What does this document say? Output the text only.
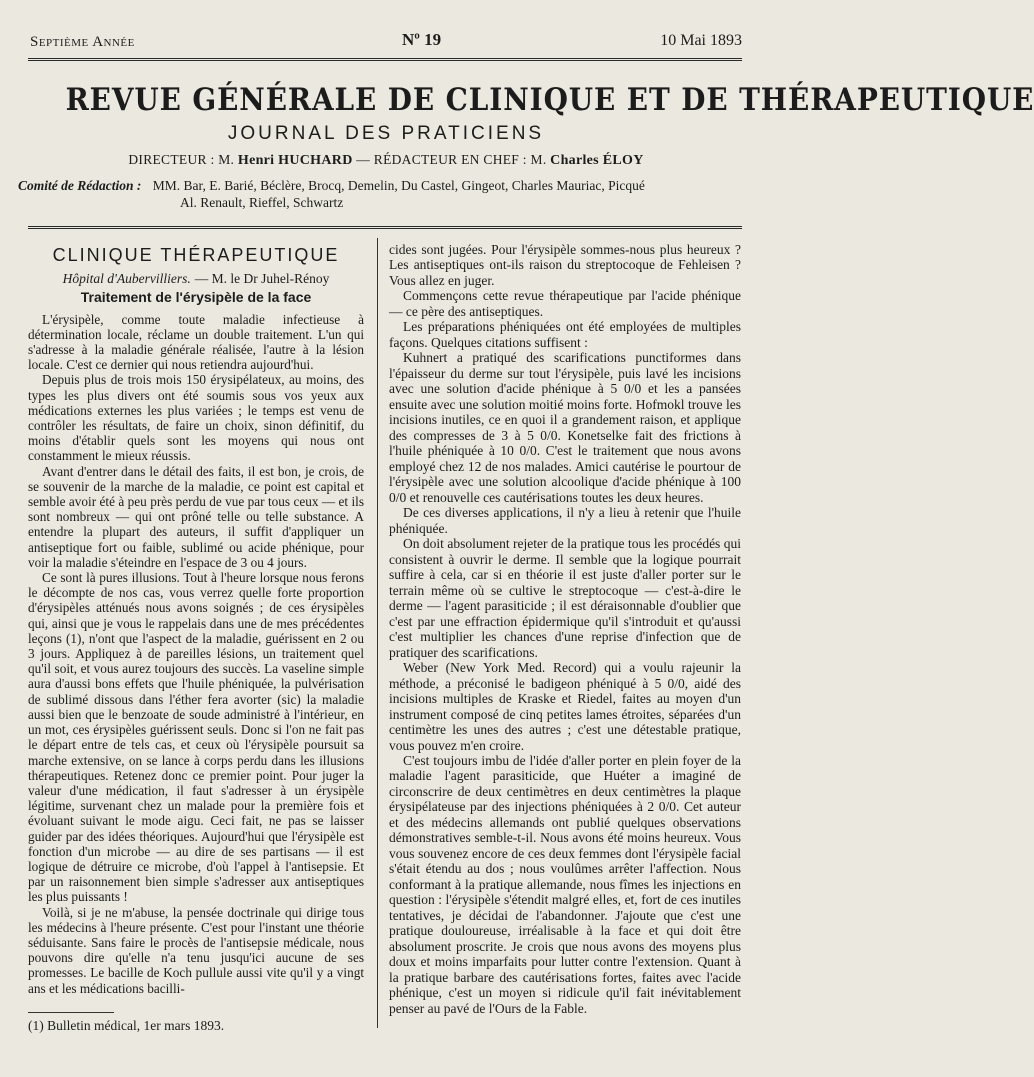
Septième Année	Nº 19	10 Mai 1893
REVUE GÉNÉRALE DE CLINIQUE ET DE THÉRAPEUTIQUE
JOURNAL DES PRATICIENS
DIRECTEUR : M. Henri HUCHARD — RÉDACTEUR EN CHEF : M. Charles ÉLOY
Comité de Rédaction : MM. Bar, E. Barié, Béclère, Brocq, Demelin, Du Castel, Gingeot, Charles Mauriac, Picqué
Al. Renault, Rieffel, Schwartz
CLINIQUE THÉRAPEUTIQUE
Hôpital d'Aubervilliers. — M. le Dr Juhel-Rénoy
Traitement de l'érysipèle de la face

L'érysipèle, comme toute maladie infectieuse à détermination locale, réclame un double traitement. L'un qui s'adresse à la maladie générale réalisée, l'autre à la lésion locale. C'est ce dernier qui nous retiendra aujourd'hui.

Depuis plus de trois mois 150 érysipélateux, au moins, des types les plus divers ont été soumis sous vos yeux aux médications externes les plus variées ; le temps est venu de contrôler les résultats, de faire un choix, sinon définitif, du moins d'établir quels sont les moyens qui nous ont constamment le mieux réussis.

Avant d'entrer dans le détail des faits, il est bon, je crois, de se souvenir de la marche de la maladie, ce point est capital et semble avoir été à peu près perdu de vue par tous ceux — et ils sont nombreux — qui ont prôné telle ou telle substance. A entendre la plupart des auteurs, il suffit d'appliquer un antiseptique fort ou faible, sublimé ou acide phénique, pour voir la maladie s'éteindre en l'espace de 3 ou 4 jours.

Ce sont là pures illusions. Tout à l'heure lorsque nous ferons le décompte de nos cas, vous verrez quelle forte proportion d'érysipèles atténués nous avons soignés ; de ces érysipèles qui, ainsi que je vous le rappelais dans une de mes précédentes leçons (1), n'ont que l'aspect de la maladie, guérissent en 2 ou 3 jours. Appliquez à de pareilles lésions, un traitement quel qu'il soit, et vous aurez toujours des succès. La vaseline simple aura d'aussi bons effets que l'huile phéniquée, la pulvérisation de sublimé dissous dans l'éther fera avorter (sic) la maladie aussi bien que le benzoate de soude administré à l'intérieur, en un mot, ces érysipèles guérissent seuls. Donc si l'on ne fait pas le départ entre de tels cas, et ceux où l'érysipèle poursuit sa marche extensive, on se lance à corps perdu dans les illusions thérapeutiques. Retenez donc ce premier point. Pour juger la valeur d'une médication, il faut s'adresser à un érysipèle légitime, survenant chez un malade pour la première fois et évoluant suivant le mode aigu. Ceci fait, ne pas se laisser guider par des idées théoriques. Aujourd'hui que l'érysipèle est fonction d'un microbe — au dire de ses partisans — il est logique de détruire ce microbe, d'où l'appel à l'antisepsie. Et par un raisonnement bien simple s'adresser aux antiseptiques les plus puissants !

Voilà, si je ne m'abuse, la pensée doctrinale qui dirige tous les médecins à l'heure présente. C'est pour l'instant une théorie séduisante. Sans faire le procès de l'antisepsie médicale, nous pouvons dire qu'elle n'a tenu jusqu'ici aucune de ses promesses. Le bacille de Koch pullule aussi vite qu'il y a vingt ans et les médications bacilli-

cides sont jugées. Pour l'érysipèle sommes-nous plus heureux ? Les antiseptiques ont-ils raison du streptocoque de Fehleisen ? Vous allez en juger.

Commençons cette revue thérapeutique par l'acide phénique — ce père des antiseptiques.

Les préparations phéniquées ont été employées de multiples façons. Quelques citations suffisent :

Kuhnert a pratiqué des scarifications punctiformes dans l'épaisseur du derme sur tout l'érysipèle, puis lavé les incisions avec une solution d'acide phénique à 5 0/0 et les a pansées ensuite avec une solution moitié moins forte. Hofmokl trouve les incisions inutiles, ce en quoi il a grandement raison, et applique des compresses de 3 à 5 0/0. Konetselke fait des frictions à l'huile phéniquée à 10 0/0. C'est le traitement que nous avons employé chez 12 de nos malades. Amici cautérise le pourtour de l'érysipèle avec une solution alcoolique d'acide phénique à 100 0/0 et renouvelle ces cautérisations toutes les deux heures.

De ces diverses applications, il n'y a lieu à retenir que l'huile phéniquée.

On doit absolument rejeter de la pratique tous les procédés qui consistent à ouvrir le derme. Il semble que la logique pourrait suffire à cela, car si en théorie il est juste d'aller porter sur le terrain même où se cultive le streptocoque — c'est-à-dire le derme — l'agent parasiticide ; il est déraisonnable d'oublier que c'est par une effraction épidermique qu'il s'introduit et qu'aussi c'est multiplier les chances d'une reprise d'infection que de pratiquer des scarifications.

Weber (New York Med. Record) qui a voulu rajeunir la méthode, a préconisé le badigeon phéniqué à 5 0/0, aidé des incisions multiples de Kraske et Riedel, faites au moyen d'un instrument composé de cinq petites lames étroites, séparées d'un centimètre les unes des autres ; c'est une détestable pratique, vous pouvez m'en croire.

C'est toujours imbu de l'idée d'aller porter en plein foyer de la maladie l'agent parasiticide, que Huéter a imaginé de circonscrire de deux centimètres en deux centimètres la plaque érysipélateuse par des injections phéniquées à 2 0/0. Cet auteur et des médecins allemands ont publié quelques observations démonstratives semble-t-il. Nous avons été moins heureux. Vous vous souvenez encore de ces deux femmes dont l'érysipèle facial s'était étendu au dos ; nous voulûmes arrêter l'affection. Nous conformant à la pratique allemande, nous fîmes les injections en question : l'érysipèle s'étendit malgré elles, et, fort de ces inutiles tentatives, je décidai de l'abandonner. J'ajoute que c'est une pratique douloureuse, irréalisable à la face et qui doit être absolument proscrite. Je crois que nous avons des moyens plus doux et moins imparfaits pour lutter contre l'extension. Quant à la pratique barbare des cautérisations fortes, faites avec l'acide phénique, c'est un moyen si ridicule qu'il fait inévitablement penser au pavé de l'Ours de la Fable.

(1) Bulletin médical, 1er mars 1893.
